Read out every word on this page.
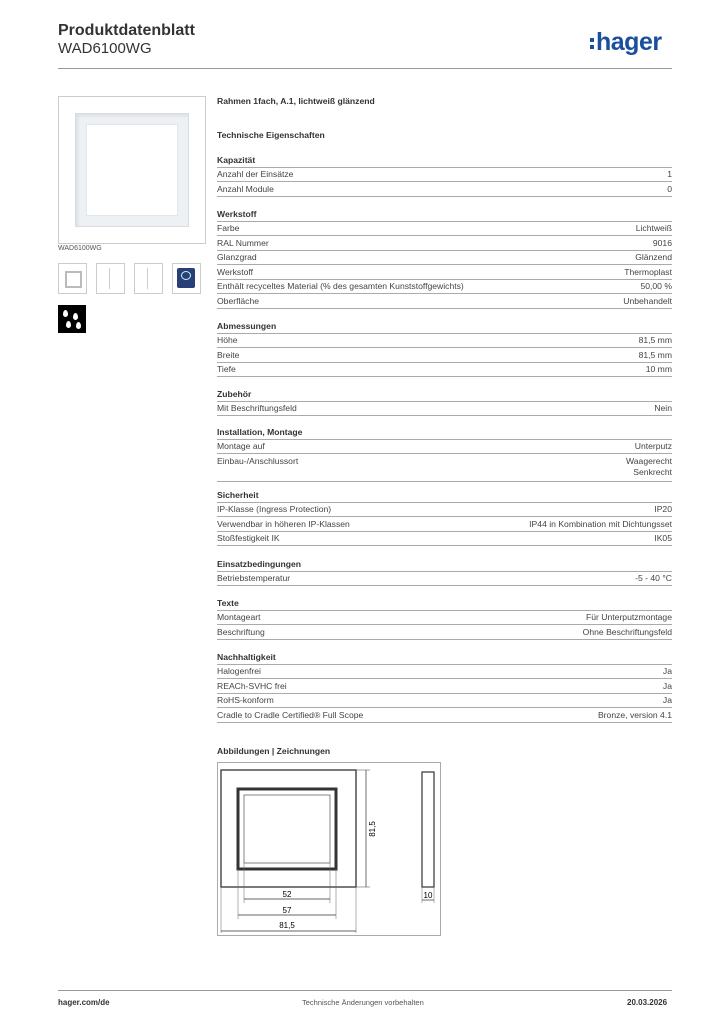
Produktdatenblatt
WAD6100WG	hager
WAD6100WG
Rahmen 1fach, A.1, lichtweiß glänzend
Technische Eigenschaften
Kapazität
Anzahl der Einsätze	1
Anzahl Module	0
Werkstoff
Farbe	Lichtweiß
RAL Nummer	9016
Glanzgrad	Glänzend
Werkstoff	Thermoplast
Enthält recyceltes Material (% des gesamten Kunststoffgewichts)	50,00 %
Oberfläche	Unbehandelt
Abmessungen
Höhe	81,5 mm
Breite	81,5 mm
Tiefe	10 mm
Zubehör
Mit Beschriftungsfeld	Nein
Installation, Montage
Montage auf	Unterputz
Einbau-/Anschlussort	Waagerecht
Senkrecht
Sicherheit
IP-Klasse (Ingress Protection)	IP20
Verwendbar in höheren IP-Klassen	IP44 in Kombination mit Dichtungsset
Stoßfestigkeit IK	IK05
Einsatzbedingungen
Betriebstemperatur	-5 - 40 °C
Texte
Montageart	Für Unterputzmontage
Beschriftung	Ohne Beschriftungsfeld
Nachhaltigkeit
Halogenfrei	Ja
REACh-SVHC frei	Ja
RoHS-konform	Ja
Cradle to Cradle Certified® Full Scope	Bronze, version 4.1
Abbildungen | Zeichnungen
81,5
52
57
81,5
10
hager.com/de	Technische Änderungen vorbehalten	20.03.2026
